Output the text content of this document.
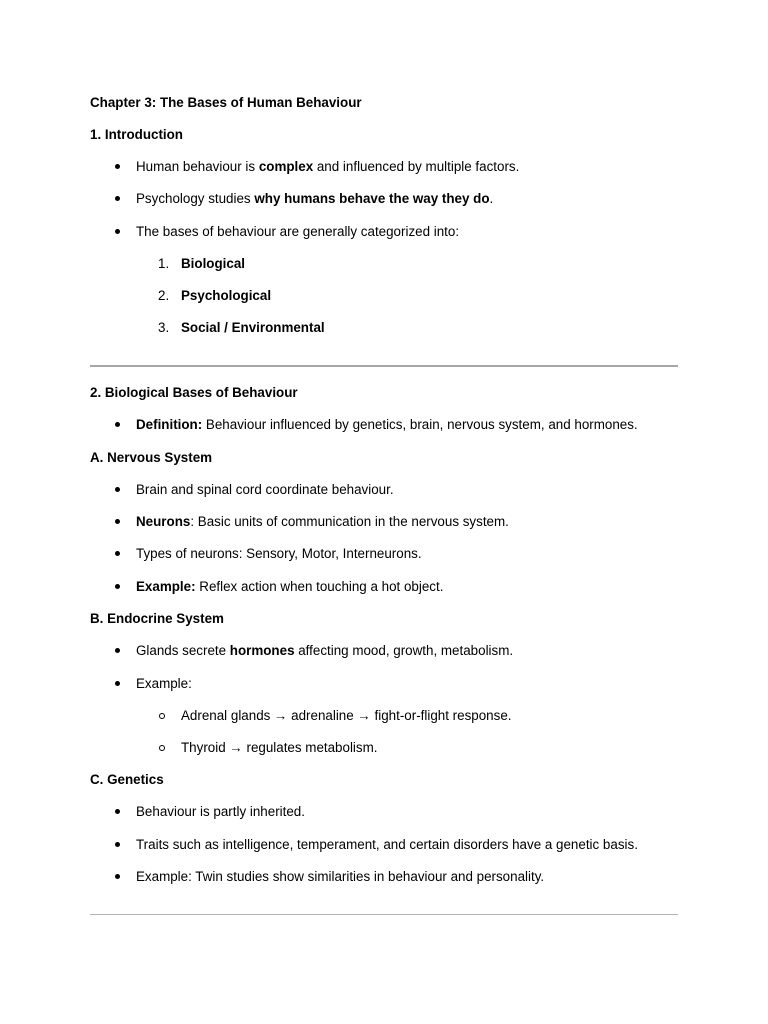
Chapter 3: The Bases of Human Behaviour
1. Introduction
Human behaviour is complex and influenced by multiple factors.
Psychology studies why humans behave the way they do.
The bases of behaviour are generally categorized into:
1. Biological
2. Psychological
3. Social / Environmental
2. Biological Bases of Behaviour
Definition: Behaviour influenced by genetics, brain, nervous system, and hormones.
A. Nervous System
Brain and spinal cord coordinate behaviour.
Neurons: Basic units of communication in the nervous system.
Types of neurons: Sensory, Motor, Interneurons.
Example: Reflex action when touching a hot object.
B. Endocrine System
Glands secrete hormones affecting mood, growth, metabolism.
Example:
Adrenal glands → adrenaline → fight-or-flight response.
Thyroid → regulates metabolism.
C. Genetics
Behaviour is partly inherited.
Traits such as intelligence, temperament, and certain disorders have a genetic basis.
Example: Twin studies show similarities in behaviour and personality.
